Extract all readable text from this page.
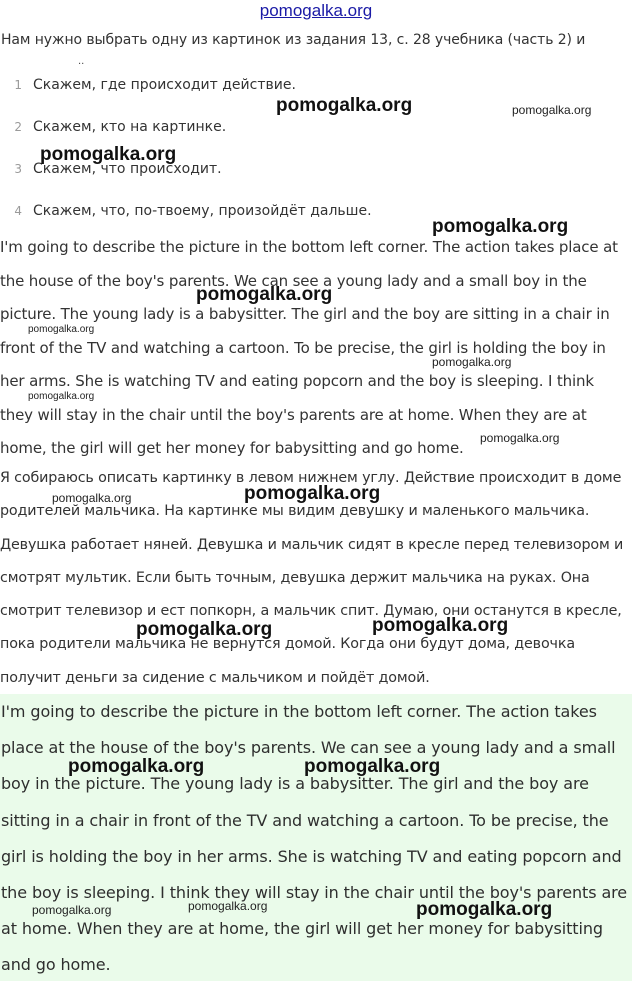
pomogalka.org
Нам нужно выбрать одну из картинок из задания 13, с. 28 учебника (часть 2) и
..
1 Скажем, где происходит действие.
2 Скажем, кто на картинке.
3 Скажем, что происходит.
4 Скажем, что, по-твоему, произойдёт дальше.

I'm going to describe the picture in the bottom left corner. The action takes place at the house of the boy's parents. We can see a young lady and a small boy in the picture. The young lady is a babysitter. The girl and the boy are sitting in a chair in front of the TV and watching a cartoon. To be precise, the girl is holding the boy in her arms. She is watching TV and eating popcorn and the boy is sleeping. I think they will stay in the chair until the boy's parents are at home. When they are at home, the girl will get her money for babysitting and go home.

Я собираюсь описать картинку в левом нижнем углу. Действие происходит в доме родителей мальчика. На картинке мы видим девушку и маленького мальчика. Девушка работает няней. Девушка и мальчик сидят в кресле перед телевизором и смотрят мультик. Если быть точным, девушка держит мальчика на руках. Она смотрит телевизор и ест попкорн, а мальчик спит. Думаю, они останутся в кресле, пока родители мальчика не вернутся домой. Когда они будут дома, девочка получит деньги за сидение с мальчиком и пойдёт домой.

I'm going to describe the picture in the bottom left corner. The action takes place at the house of the boy's parents. We can see a young lady and a small boy in the picture. The young lady is a babysitter. The girl and the boy are sitting in a chair in front of the TV and watching a cartoon. To be precise, the girl is holding the boy in her arms. She is watching TV and eating popcorn and the boy is sleeping. I think they will stay in the chair until the boy's parents are at home. When they are at home, the girl will get her money for babysitting and go home.

pomogalka.org	pomogalka.org
pomogalka.org
pomogalka.org
pomogalka.org
pomogalka.org
pomogalka.org
pomogalka.org
pomogalka.org
pomogalka.org
pomogalka.org
pomogalka.org	pomogalka.org
pomogalka.org	pomogalka.org
pomogalka.org	pomogalka.org	pomogalka.org
